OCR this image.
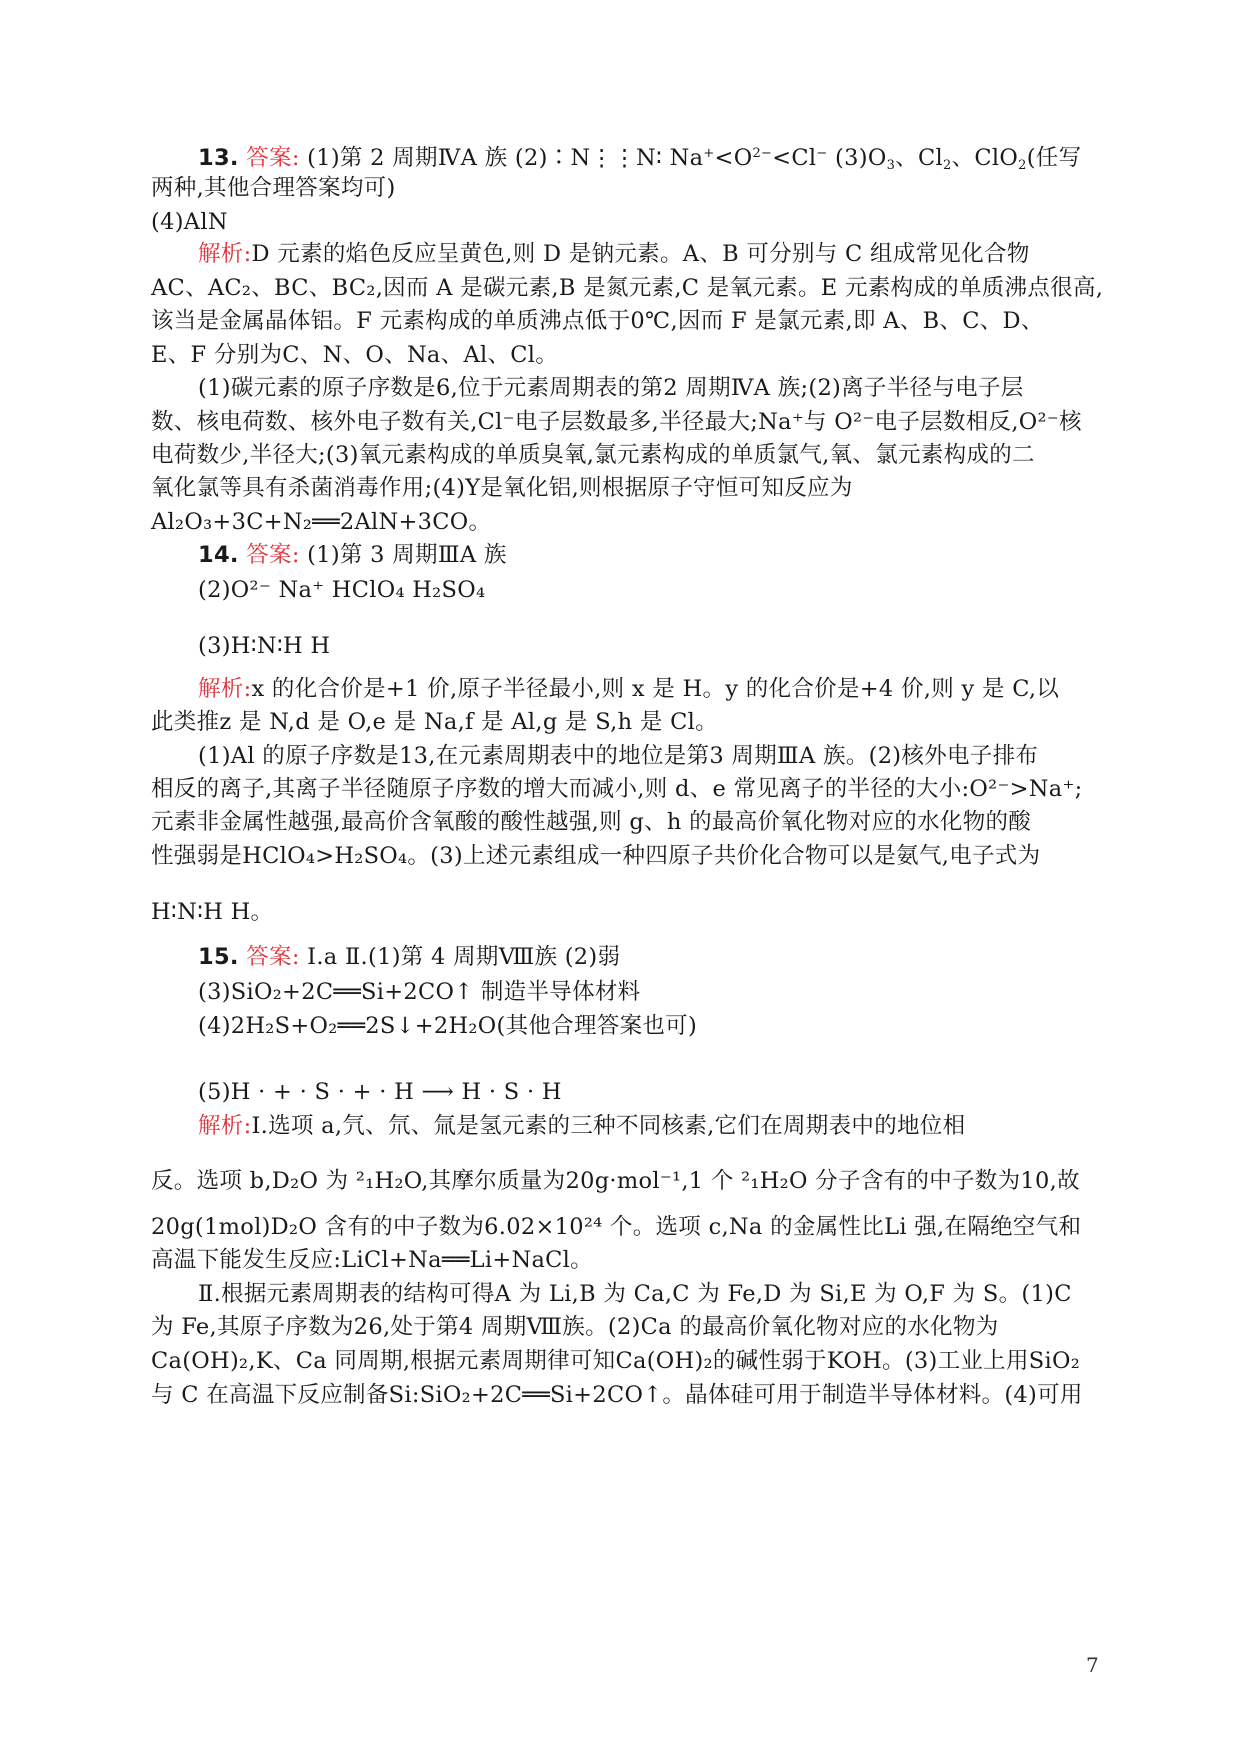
13. 答案: (1)第 2 周期ⅣA 族 (2)∶N⋮⋮N∶ $Na^+<O^{2-}<Cl^-$ $(3)O_3$、$Cl_2$、ClO$_2$(任写
两种,其他合理答案均可)
(4)AlN
解析:D 元素的焰色反应呈黄色,则 D 是钠元素。A、B 可分别与 C 组成常见化合物
AC、AC₂、BC、BC₂,因而 A 是碳元素,B 是氮元素,C 是氧元素。E 元素构成的单质沸点很高,
该当是金属晶体铝。F 元素构成的单质沸点低于0℃,因而 F 是氯元素,即 A、B、C、D、
E、F 分别为C、N、O、Na、Al、Cl。
(1)碳元素的原子序数是6,位于元素周期表的第2 周期ⅣA 族;(2)离子半径与电子层
数、核电荷数、核外电子数有关,Cl⁻电子层数最多,半径最大;Na⁺与 O²⁻电子层数相反,O²⁻核
电荷数少,半径大;(3)氧元素构成的单质臭氧,氯元素构成的单质氯气,氧、氯元素构成的二
氧化氯等具有杀菌消毒作用;(4)Y是氧化铝,则根据原子守恒可知反应为
Al₂O₃+3C+N₂══2AlN+3CO。
14. 答案: (1)第 3 周期ⅢA 族
(2)O²⁻ Na⁺ HClO₄ H₂SO₄
(3)H∶N∶H H
解析:x 的化合价是+1 价,原子半径最小,则 x 是 H。y 的化合价是+4 价,则 y 是 C,以
此类推z 是 N,d 是 O,e 是 Na,f 是 Al,g 是 S,h 是 Cl。
(1)Al 的原子序数是13,在元素周期表中的地位是第3 周期ⅢA 族。(2)核外电子排布
相反的离子,其离子半径随原子序数的增大而减小,则 d、e 常见离子的半径的大小:O²⁻>Na⁺;
元素非金属性越强,最高价含氧酸的酸性越强,则 g、h 的最高价氧化物对应的水化物的酸
性强弱是HClO₄>H₂SO₄。(3)上述元素组成一种四原子共价化合物可以是氨气,电子式为
H∶N∶H H。
15. 答案: Ⅰ.a Ⅱ.(1)第 4 周期Ⅷ族 (2)弱
(3)SiO₂+2C══Si+2CO↑ 制造半导体材料
(4)2H₂S+O₂══2S↓+2H₂O(其他合理答案也可)
(5)H · + · S · + · H ⟶ H · S · H
解析:Ⅰ.选项 a,氕、氘、氚是氢元素的三种不同核素,它们在周期表中的地位相
反。选项 b,D₂O 为 ²₁H₂O,其摩尔质量为20g·mol⁻¹,1 个 ²₁H₂O 分子含有的中子数为10,故
20g(1mol)D₂O 含有的中子数为6.02×10²⁴ 个。选项 c,Na 的金属性比Li 强,在隔绝空气和
高温下能发生反应:LiCl+Na══Li+NaCl。
Ⅱ.根据元素周期表的结构可得A 为 Li,B 为 Ca,C 为 Fe,D 为 Si,E 为 O,F 为 S。(1)C
为 Fe,其原子序数为26,处于第4 周期Ⅷ族。(2)Ca 的最高价氧化物对应的水化物为
Ca(OH)₂,K、Ca 同周期,根据元素周期律可知Ca(OH)₂的碱性弱于KOH。(3)工业上用SiO₂
与 C 在高温下反应制备Si:SiO₂+2C══Si+2CO↑。晶体硅可用于制造半导体材料。(4)可用
7
